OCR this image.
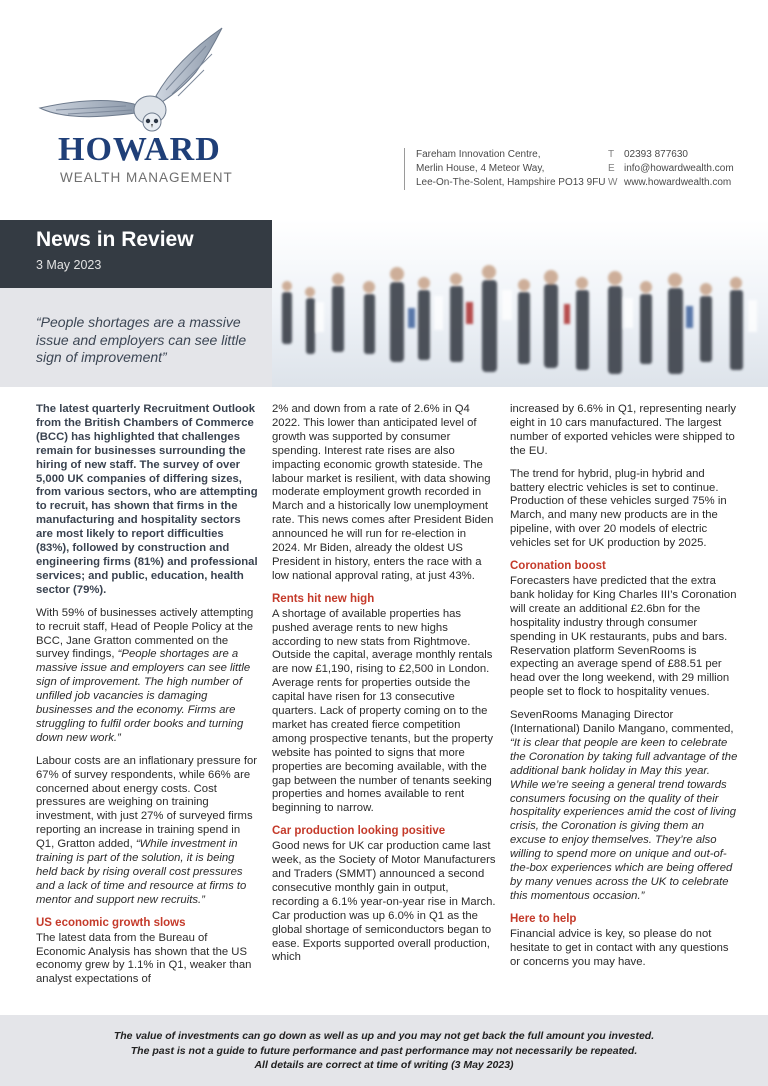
HOWARD
WEALTH MANAGEMENT
Fareham Innovation Centre,
Merlin House, 4 Meteor Way,
Lee-On-The-Solent, Hampshire PO13 9FU
T 02393 877630
E info@howardwealth.com
W www.howardwealth.com
News in Review
3 May 2023
“People shortages are a massive issue and employers can see little sign of improvement”

The latest quarterly Recruitment Outlook from the British Chambers of Commerce (BCC) has highlighted that challenges remain for businesses surrounding the hiring of new staff. The survey of over 5,000 UK companies of differing sizes, from various sectors, who are attempting to recruit, has shown that firms in the manufacturing and hospitality sectors are most likely to report difficulties (83%), followed by construction and engineering firms (81%) and professional services; and public, education, health sector (79%).

With 59% of businesses actively attempting to recruit staff, Head of People Policy at the BCC, Jane Gratton commented on the survey findings, “People shortages are a massive issue and employers can see little sign of improvement. The high number of unfilled job vacancies is damaging businesses and the economy. Firms are struggling to fulfil order books and turning down new work.”

Labour costs are an inflationary pressure for 67% of survey respondents, while 66% are concerned about energy costs. Cost pressures are weighing on training investment, with just 27% of surveyed firms reporting an increase in training spend in Q1, Gratton added, “While investment in training is part of the solution, it is being held back by rising overall cost pressures and a lack of time and resource at firms to mentor and support new recruits.”

US economic growth slows

The latest data from the Bureau of Economic Analysis has shown that the US economy grew by 1.1% in Q1, weaker than analyst expectations of

2% and down from a rate of 2.6% in Q4 2022. This lower than anticipated level of growth was supported by consumer spending. Interest rate rises are also impacting economic growth stateside. The labour market is resilient, with data showing moderate employment growth recorded in March and a historically low unemployment rate. This news comes after President Biden announced he will run for re-election in 2024. Mr Biden, already the oldest US President in history, enters the race with a low national approval rating, at just 43%.

Rents hit new high

A shortage of available properties has pushed average rents to new highs according to new stats from Rightmove. Outside the capital, average monthly rentals are now £1,190, rising to £2,500 in London. Average rents for properties outside the capital have risen for 13 consecutive quarters. Lack of property coming on to the market has created fierce competition among prospective tenants, but the property website has pointed to signs that more properties are becoming available, with the gap between the number of tenants seeking properties and homes available to rent beginning to narrow.

Car production looking positive

Good news for UK car production came last week, as the Society of Motor Manufacturers and Traders (SMMT) announced a second consecutive monthly gain in output, recording a 6.1% year-on-year rise in March. Car production was up 6.0% in Q1 as the global shortage of semiconductors began to ease. Exports supported overall production, which

increased by 6.6% in Q1, representing nearly eight in 10 cars manufactured. The largest number of exported vehicles were shipped to the EU.

The trend for hybrid, plug-in hybrid and battery electric vehicles is set to continue. Production of these vehicles surged 75% in March, and many new products are in the pipeline, with over 20 models of electric vehicles set for UK production by 2025.

Coronation boost

Forecasters have predicted that the extra bank holiday for King Charles III’s Coronation will create an additional £2.6bn for the hospitality industry through consumer spending in UK restaurants, pubs and bars. Reservation platform SevenRooms is expecting an average spend of £88.51 per head over the long weekend, with 29 million people set to flock to hospitality venues.

SevenRooms Managing Director (International) Danilo Mangano, commented, “It is clear that people are keen to celebrate the Coronation by taking full advantage of the additional bank holiday in May this year. While we’re seeing a general trend towards consumers focusing on the quality of their hospitality experiences amid the cost of living crisis, the Coronation is giving them an excuse to enjoy themselves. They’re also willing to spend more on unique and out-of-the-box experiences which are being offered by many venues across the UK to celebrate this momentous occasion.”

Here to help

Financial advice is key, so please do not hesitate to get in contact with any questions or concerns you may have.

The value of investments can go down as well as up and you may not get back the full amount you invested.
The past is not a guide to future performance and past performance may not necessarily be repeated.
All details are correct at time of writing (3 May 2023)
